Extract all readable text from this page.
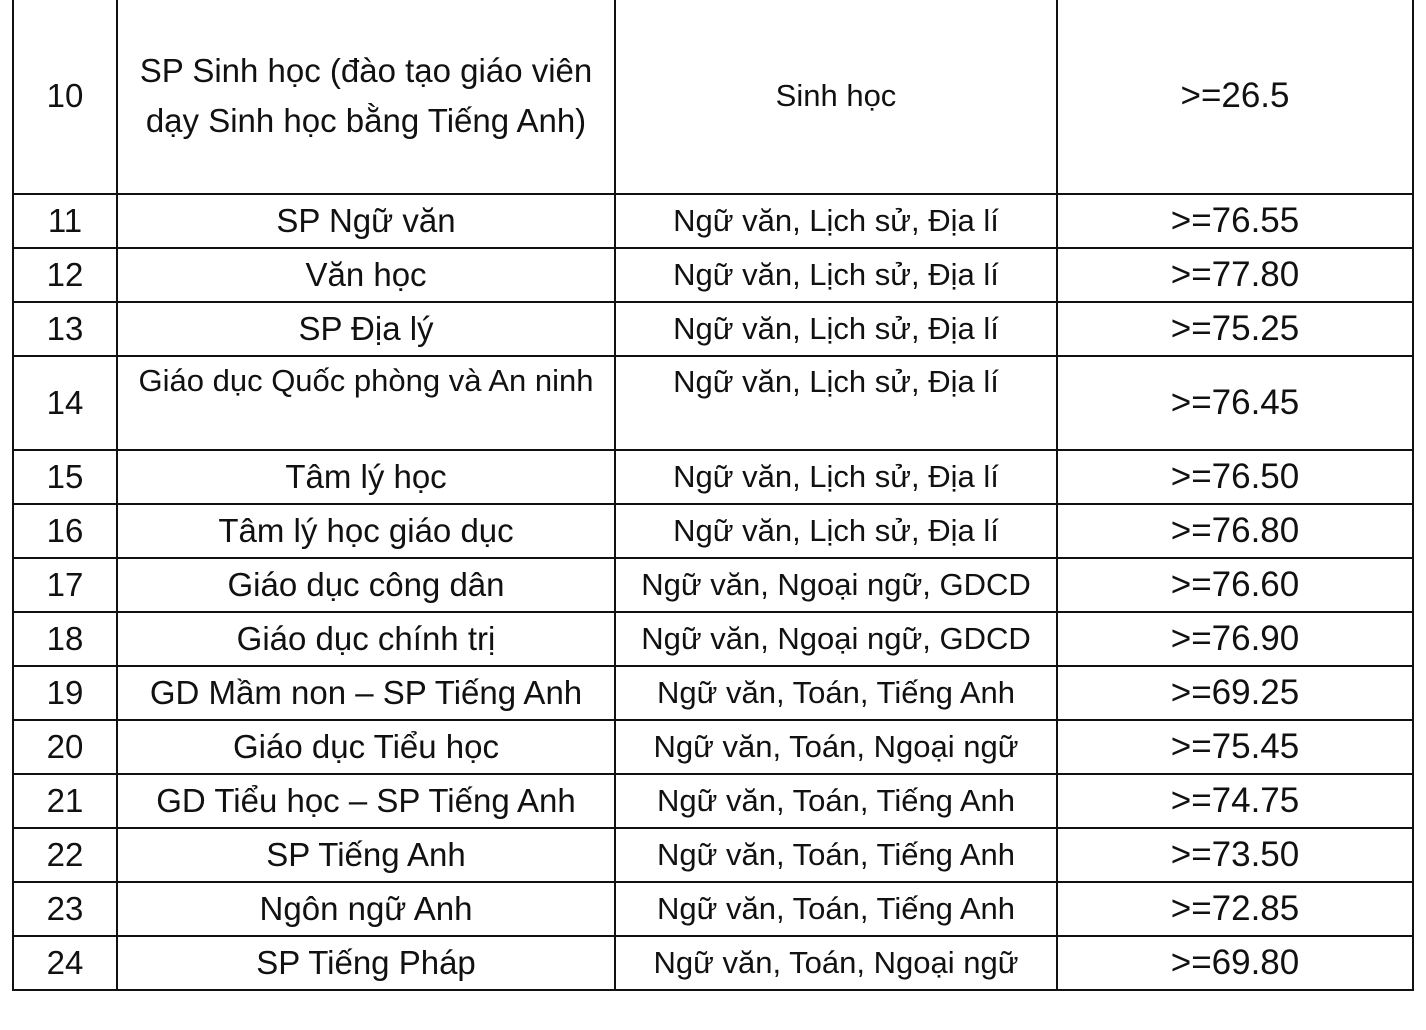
10	SP Sinh học (đào tạo giáo viên dạy Sinh học bằng Tiếng Anh)	Sinh học	>=26.5
11	SP Ngữ văn	Ngữ văn, Lịch sử, Địa lí	>=76.55
12	Văn học	Ngữ văn, Lịch sử, Địa lí	>=77.80
13	SP Địa lý	Ngữ văn, Lịch sử, Địa lí	>=75.25
14	Giáo dục Quốc phòng và An ninh	Ngữ văn, Lịch sử, Địa lí	>=76.45
15	Tâm lý học	Ngữ văn, Lịch sử, Địa lí	>=76.50
16	Tâm lý học giáo dục	Ngữ văn, Lịch sử, Địa lí	>=76.80
17	Giáo dục công dân	Ngữ văn, Ngoại ngữ, GDCD	>=76.60
18	Giáo dục chính trị	Ngữ văn, Ngoại ngữ, GDCD	>=76.90
19	GD Mầm non – SP Tiếng Anh	Ngữ văn, Toán, Tiếng Anh	>=69.25
20	Giáo dục Tiểu học	Ngữ văn, Toán, Ngoại ngữ	>=75.45
21	GD Tiểu học – SP Tiếng Anh	Ngữ văn, Toán, Tiếng Anh	>=74.75
22	SP Tiếng Anh	Ngữ văn, Toán, Tiếng Anh	>=73.50
23	Ngôn ngữ Anh	Ngữ văn, Toán, Tiếng Anh	>=72.85
24	SP Tiếng Pháp	Ngữ văn, Toán, Ngoại ngữ	>=69.80
